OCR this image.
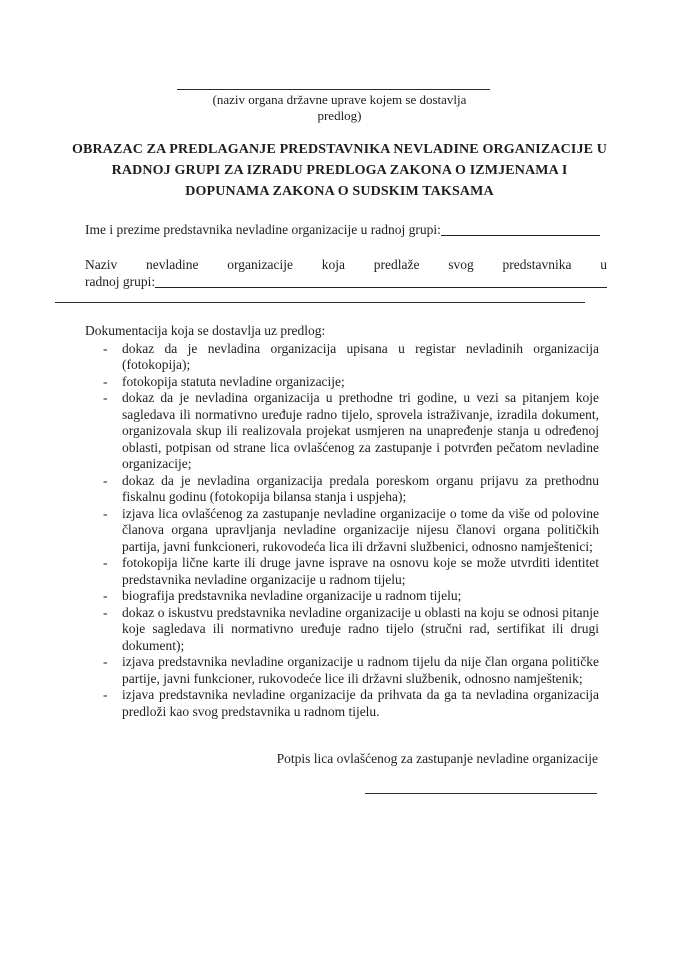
(naziv organa državne uprave kojem se dostavlja
predlog)
OBRAZAC ZA PREDLAGANJE PREDSTAVNIKA NEVLADINE ORGANIZACIJE U
RADNOJ GRUPI ZA IZRADU PREDLOGA ZAKONA O IZMJENAMA I
DOPUNAMA ZAKONA O SUDSKIM TAKSAMA
Ime i prezime predstavnika nevladine organizacije u radnoj grupi:
Naziv nevladine organizacije koja predlaže svog predstavnika u
radnoj grupi:
Dokumentacija koja se dostavlja uz predlog:
-	dokaz da je nevladina organizacija upisana u registar nevladinih organizacija (fotokopija);
-	fotokopija statuta nevladine organizacije;
-	dokaz da je nevladina organizacija u prethodne tri godine, u vezi sa pitanjem koje sagledava ili normativno uređuje radno tijelo, sprovela istraživanje, izradila dokument, organizovala skup ili realizovala projekat usmjeren na unapređenje stanja u određenoj oblasti, potpisan od strane lica ovlašćenog za zastupanje i potvrđen pečatom nevladine organizacije;
-	dokaz da je nevladina organizacija predala poreskom organu prijavu za prethodnu fiskalnu godinu (fotokopija bilansa stanja i uspjeha);
-	izjava lica ovlašćenog za zastupanje nevladine organizacije o tome da više od polovine članova organa upravljanja nevladine organizacije nijesu članovi organa političkih partija, javni funkcioneri, rukovodeća lica ili državni službenici, odnosno namještenici;
-	fotokopija lične karte ili druge javne isprave na osnovu koje se može utvrditi identitet predstavnika nevladine organizacije u radnom tijelu;
-	biografija predstavnika nevladine organizacije u radnom tijelu;
-	dokaz o iskustvu predstavnika nevladine organizacije u oblasti na koju se odnosi pitanje koje sagledava ili normativno uređuje radno tijelo (stručni rad, sertifikat ili drugi dokument);
-	izjava predstavnika nevladine organizacije u radnom tijelu da nije član organa političke partije, javni funkcioner, rukovodeće lice ili državni službenik, odnosno namještenik;
-	izjava predstavnika nevladine organizacije da prihvata da ga ta nevladina organizacija predloži kao svog predstavnika u radnom tijelu.
Potpis lica ovlašćenog za zastupanje nevladine organizacije
